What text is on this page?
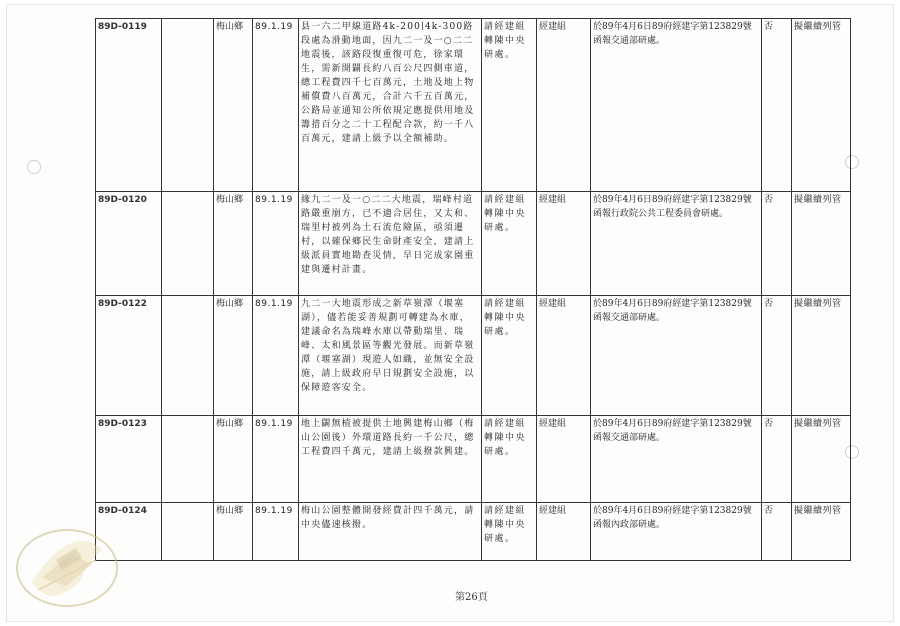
89D-0119		梅山鄉	89.1.19	县一六二甲線道路4k-200∣4k-300路段處為滑動地面，因九二一及一○二二地震後，該路段復重復可危，徐家環生，需新開闢長約八百公尺四側車道，總工程費四千七百萬元，土地及地上物補償費八百萬元，合計六千五百萬元，公路局並通知公所依規定應提供用地及籌措百分之二十工程配合款，約一千八百萬元，建請上級予以全額補助。	請經建組轉陳中央研處。	經建組	於89年4月6日89府經建字第123829號函報交通部研處。	否	擬繼續列管
89D-0120		梅山鄉	89.1.19	緣九二一及一○二二大地震，瑞峰村道路嚴重崩方，已不適合居住，又太和、瑞里村被列為土石流危險區，亟須遷村，以確保鄉民生命財產安全，建請上級派員實地勘查災情，早日完成家園重建與遷村計畫。	請經建組轉陳中央研處。	經建組	於89年4月6日89府經建字第123829號函報行政院公共工程委員會研處。	否	擬繼續列管
89D-0122		梅山鄉	89.1.19	九二一大地震形成之新草嶺潭（堰塞湖），儘若能妥善規劃可轉建為水庫，建議命名為瑞峰水庫以帶動瑞里、瑞峰、太和風景區等觀光發展。而新草嶺潭（堰塞湖）現遊人如織，並無安全設施，請上級政府早日規劃安全設施，以保障遊客安全。	請經建組轉陳中央研處。	經建組	於89年4月6日89府經建字第123829號函報交通部研處。	否	擬繼續列管
89D-0123		梅山鄉	89.1.19	地上闢無植被提供土地興建梅山鄉（梅山公園後）外環道路長約一千公尺，總工程費四千萬元，建請上級撥款興建。	請經建組轉陳中央研處。	經建組	於89年4月6日89府經建字第123829號函報交通部研處。	否	擬繼續列管
89D-0124		梅山鄉	89.1.19	梅山公園整體開發經費計四千萬元，請中央儘速核撥。	請經建組轉陳中央研處。	經建組	於89年4月6日89府經建字第123829號函報內政部研處。	否	擬繼續列管
第26頁
